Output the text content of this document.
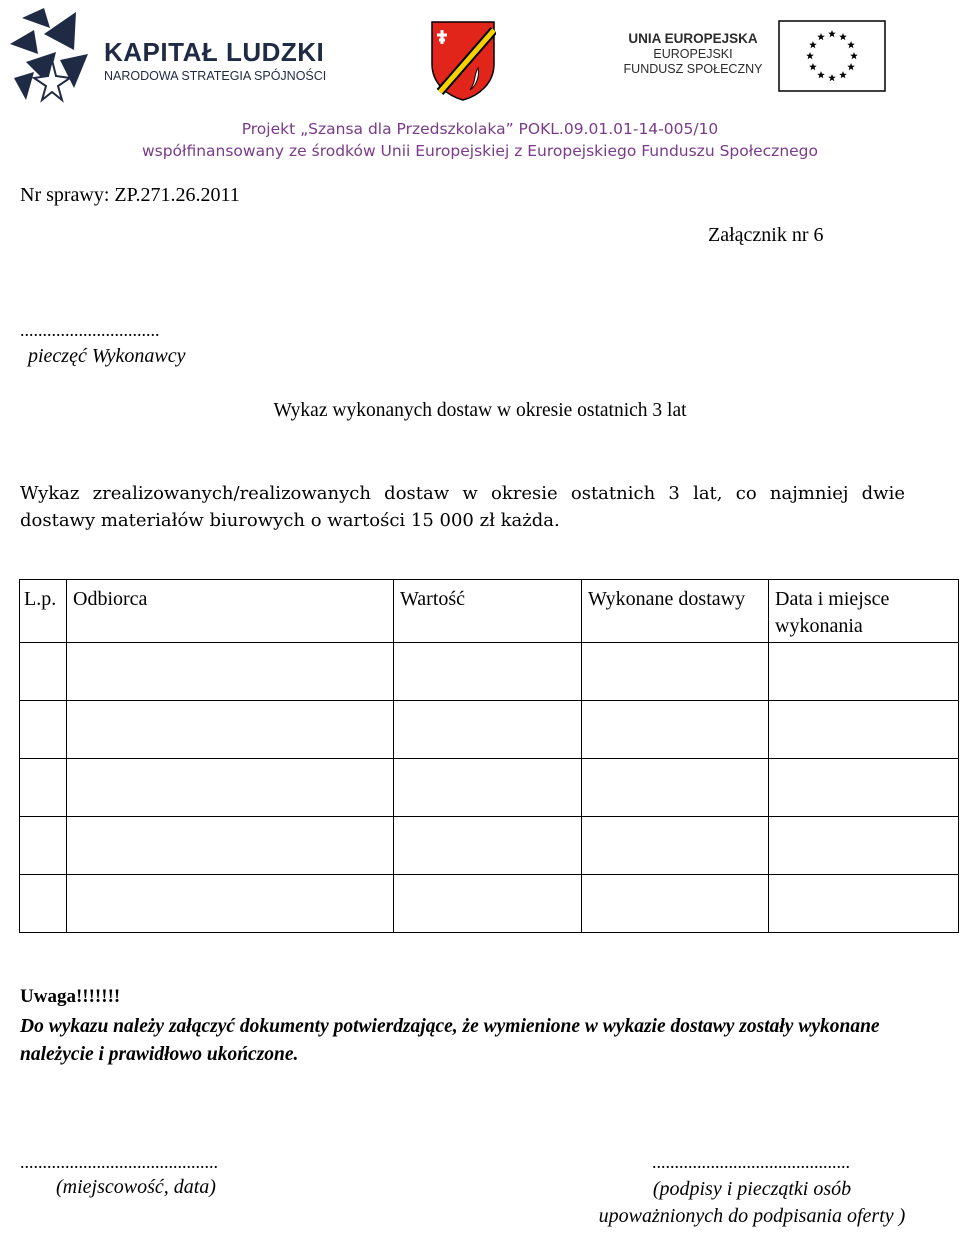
KAPITAŁ LUDZKI
NARODOWA STRATEGIA SPÓJNOŚCI
UNIA EUROPEJSKA
EUROPEJSKI
FUNDUSZ SPOŁECZNY
Projekt „Szansa dla Przedszkolaka” POKL.09.01.01-14-005/10
współfinansowany ze środków Unii Europejskiej z Europejskiego Funduszu Społecznego
Nr sprawy: ZP.271.26.2011
Załącznik nr 6
...............................
pieczęć Wykonawcy
Wykaz wykonanych dostaw w okresie ostatnich 3 lat
Wykaz zrealizowanych/realizowanych dostaw w okresie ostatnich 3 lat, co najmniej dwie dostawy materiałów biurowych o wartości 15 000 zł każda.
L.p.	Odbiorca	Wartość	Wykonane dostawy	Data i miejsce wykonania

Uwaga!!!!!!!
Do wykazu należy załączyć dokumenty potwierdzające, że wymienione w wykazie dostawy zostały wykonane należycie i prawidłowo ukończone.
............................................
(miejscowość, data)
............................................
(podpisy i pieczątki osób upoważnionych do podpisania oferty )
